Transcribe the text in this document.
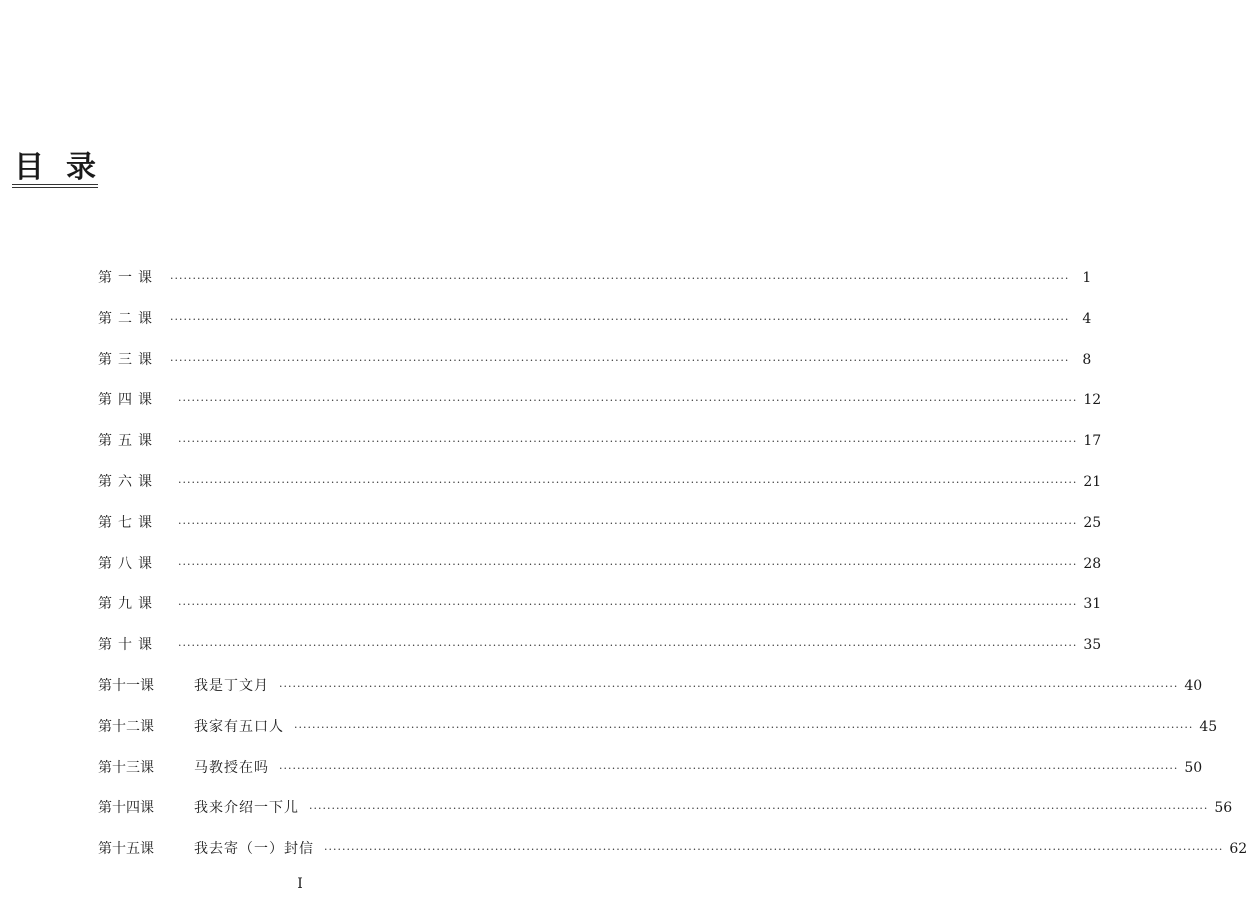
目录
第一课	········································································································································································································ 1
第二课	········································································································································································································ 4
第三课	········································································································································································································ 8
第四课	········································································································································································································ 12
第五课	········································································································································································································ 17
第六课	········································································································································································································ 21
第七课	········································································································································································································ 25
第八课	········································································································································································································ 28
第九课	········································································································································································································ 31
第十课	········································································································································································································ 35
第十一课	我是丁文月 ········································································································································································································ 40
第十二课	我家有五口人 ········································································································································································································ 45
第十三课	马教授在吗 ········································································································································································································ 50
第十四课	我来介绍一下儿 ········································································································································································································ 56
第十五课	我去寄（一）封信 ········································································································································································································ 62
I
